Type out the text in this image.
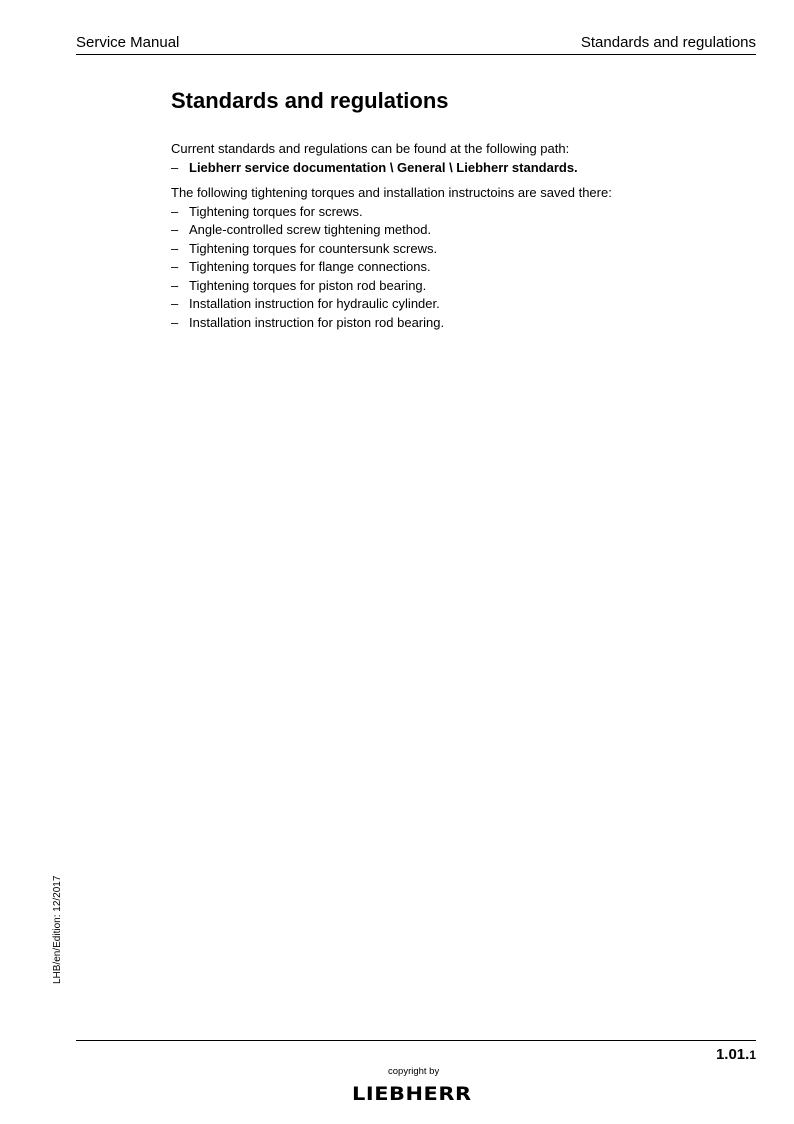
Service Manual	Standards and regulations
Standards and regulations

Current standards and regulations can be found at the following path:

– Liebherr service documentation \ General \ Liebherr standards.

The following tightening torques and installation instructoins are saved there:

– Tightening torques for screws.
– Angle-controlled screw tightening method.
– Tightening torques for countersunk screws.
– Tightening torques for flange connections.
– Tightening torques for piston rod bearing.
– Installation instruction for hydraulic cylinder.
– Installation instruction for piston rod bearing.
LHB/en/Edition: 12/2017
1.01.1
copyright by
LIEBHERR
